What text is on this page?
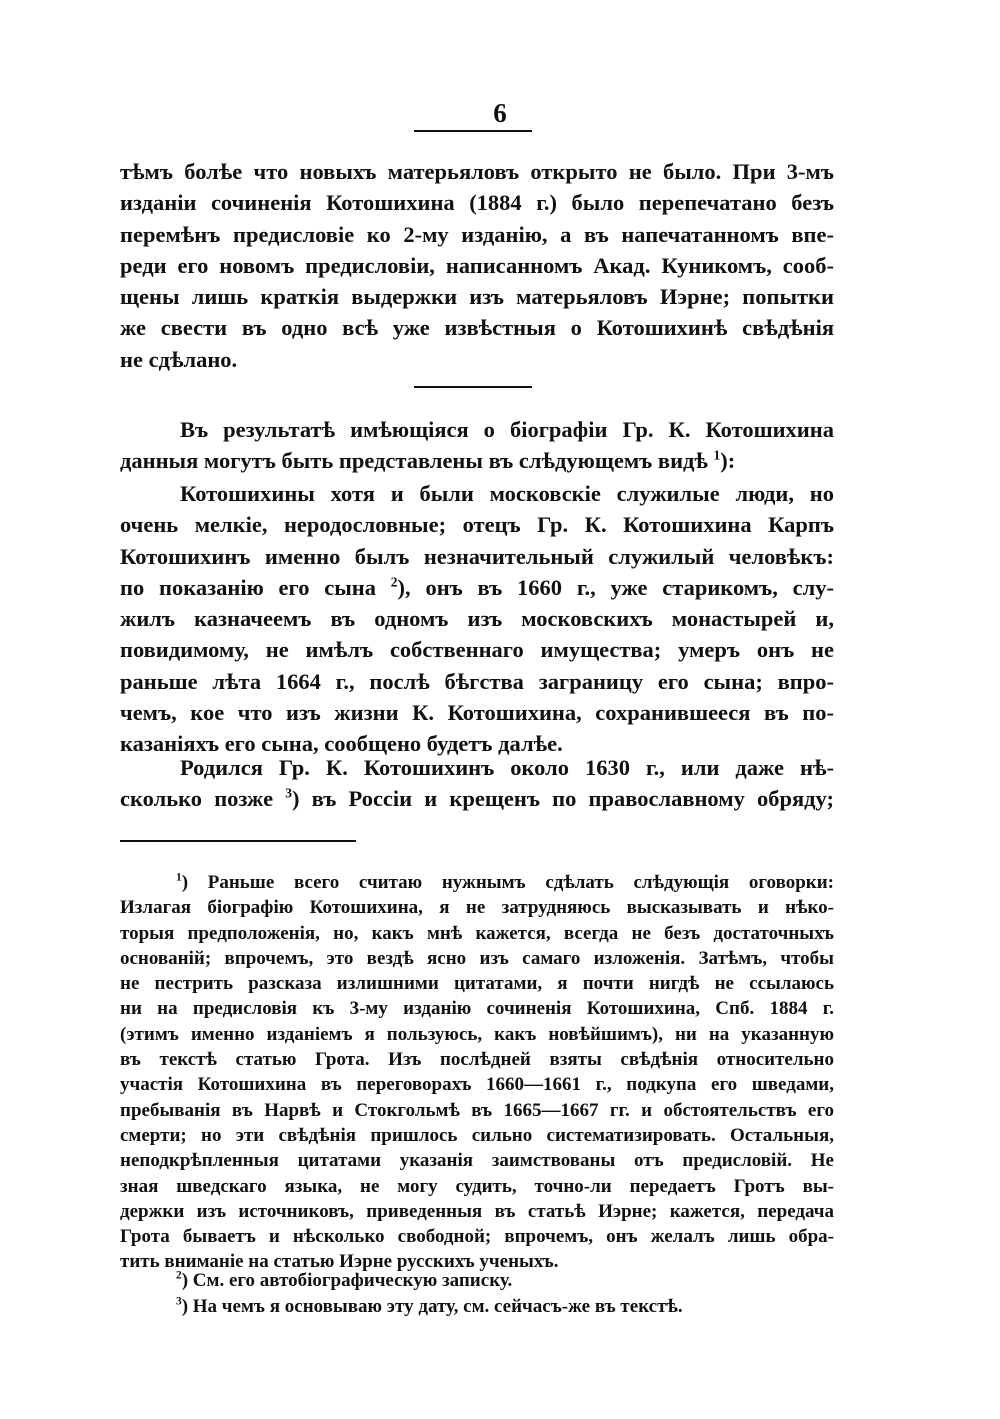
6
тѣмъ болѣе что новыхъ матерьяловъ открыто не было. При 3-мъ
изданіи сочиненія Котошихина (1884 г.) было перепечатано безъ
перемѣнъ предисловіе ко 2-му изданію, а въ напечатанномъ впе-
реди его новомъ предисловіи, написанномъ Акад. Куникомъ, сооб-
щены лишь краткія выдержки изъ матерьяловъ Иэрне; попытки
же свести въ одно всѣ уже извѣстныя о Котошихинѣ свѣдѣнія
не сдѣлано.
Въ результатѣ имѣющіяся о біографіи Гр. К. Котошихина
данныя могутъ быть представлены въ слѣдующемъ видѣ $^1$):
Котошихины хотя и были московскіе служилые люди, но
очень мелкіе, неродословные; отецъ Гр. К. Котошихина Карпъ
Котошихинъ именно былъ незначительный служилый человѣкъ:
по показанію его сына $^2$), онъ въ 1660 г., уже старикомъ, слу-
жилъ казначеемъ въ одномъ изъ московскихъ монастырей и,
повидимому, не имѣлъ собственнаго имущества; умеръ онъ не
раньше лѣта 1664 г., послѣ бѣгства заграницу его сына; впро-
чемъ, кое что изъ жизни К. Котошихина, сохранившееся въ по-
казаніяхъ его сына, сообщено будетъ далѣе.
Родился Гр. К. Котошихинъ около 1630 г., или даже нѣ-
сколько позже $^3$) въ Россіи и крещенъ по православному обряду;
$^1$) Раньше всего считаю нужнымъ сдѣлать слѣдующія оговорки:
Излагая біографію Котошихина, я не затрудняюсь высказывать и нѣко-
торыя предположенія, но, какъ мнѣ кажется, всегда не безъ достаточныхъ
основаній; впрочемъ, это вездѣ ясно изъ самаго изложенія. Затѣмъ, чтобы
не пестрить разсказа излишними цитатами, я почти нигдѣ не ссылаюсь
ни на предисловія къ 3-му изданію сочиненія Котошихина, Спб. 1884 г.
(этимъ именно изданіемъ я пользуюсь, какъ новѣйшимъ), ни на указанную
въ текстѣ статью Грота. Изъ послѣдней взяты свѣдѣнія относительно
участія Котошихина въ переговорахъ 1660—1661 г., подкупа его шведами,
пребыванія въ Нарвѣ и Стокгольмѣ въ 1665—1667 гг. и обстоятельствъ его
смерти; но эти свѣдѣнія пришлось сильно систематизировать. Остальныя,
неподкрѣпленныя цитатами указанія заимствованы отъ предисловій. Не
зная шведскаго языка, не могу судить, точно-ли передаетъ Гротъ вы-
держки изъ источниковъ, приведенныя въ статьѣ Иэрне; кажется, передача
Грота бываетъ и нѣсколько свободной; впрочемъ, онъ желалъ лишь обра-
тить вниманіе на статью Иэрне русскихъ ученыхъ.
$^2$) См. его автобіографическую записку.
$^3$) На чемъ я основываю эту дату, см. сейчасъ-же въ текстѣ.
